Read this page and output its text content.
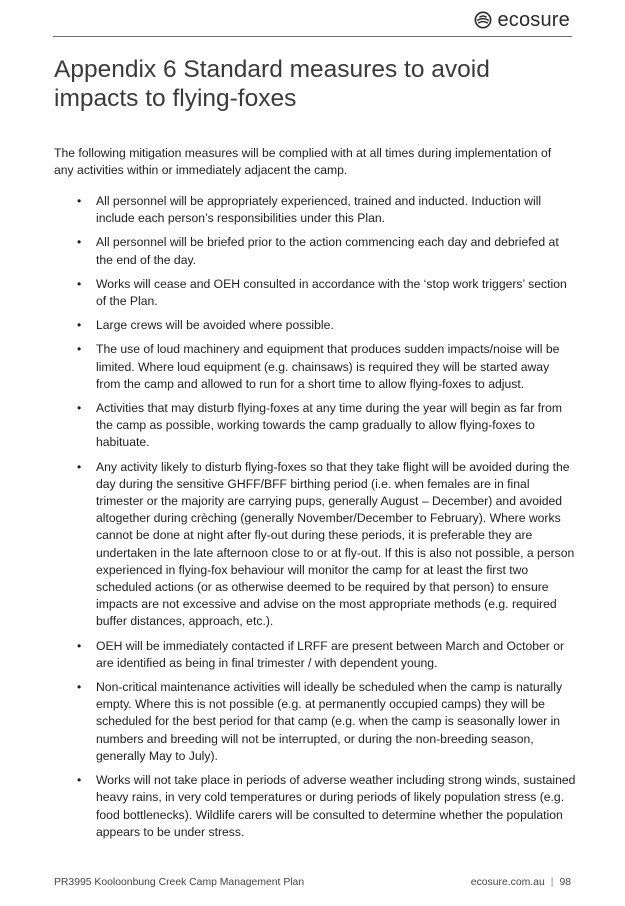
ecosure
Appendix 6 Standard measures to avoid impacts to flying-foxes

The following mitigation measures will be complied with at all times during implementation of any activities within or immediately adjacent the camp.

• All personnel will be appropriately experienced, trained and inducted. Induction will include each person’s responsibilities under this Plan.
• All personnel will be briefed prior to the action commencing each day and debriefed at the end of the day.
• Works will cease and OEH consulted in accordance with the ‘stop work triggers’ section of the Plan.
• Large crews will be avoided where possible.
• The use of loud machinery and equipment that produces sudden impacts/noise will be limited. Where loud equipment (e.g. chainsaws) is required they will be started away from the camp and allowed to run for a short time to allow flying-foxes to adjust.
• Activities that may disturb flying-foxes at any time during the year will begin as far from the camp as possible, working towards the camp gradually to allow flying-foxes to habituate.
• Any activity likely to disturb flying-foxes so that they take flight will be avoided during the day during the sensitive GHFF/BFF birthing period (i.e. when females are in final trimester or the majority are carrying pups, generally August – December) and avoided altogether during crèching (generally November/December to February). Where works cannot be done at night after fly-out during these periods, it is preferable they are undertaken in the late afternoon close to or at fly-out. If this is also not possible, a person experienced in flying-fox behaviour will monitor the camp for at least the first two scheduled actions (or as otherwise deemed to be required by that person) to ensure impacts are not excessive and advise on the most appropriate methods (e.g. required buffer distances, approach, etc.).
• OEH will be immediately contacted if LRFF are present between March and October or are identified as being in final trimester / with dependent young.
• Non-critical maintenance activities will ideally be scheduled when the camp is naturally empty. Where this is not possible (e.g. at permanently occupied camps) they will be scheduled for the best period for that camp (e.g. when the camp is seasonally lower in numbers and breeding will not be interrupted, or during the non-breeding season, generally May to July).
• Works will not take place in periods of adverse weather including strong winds, sustained heavy rains, in very cold temperatures or during periods of likely population stress (e.g. food bottlenecks). Wildlife carers will be consulted to determine whether the population appears to be under stress.
PR3995 Kooloonbung Creek Camp Management Plan	ecosure.com.au | 98
